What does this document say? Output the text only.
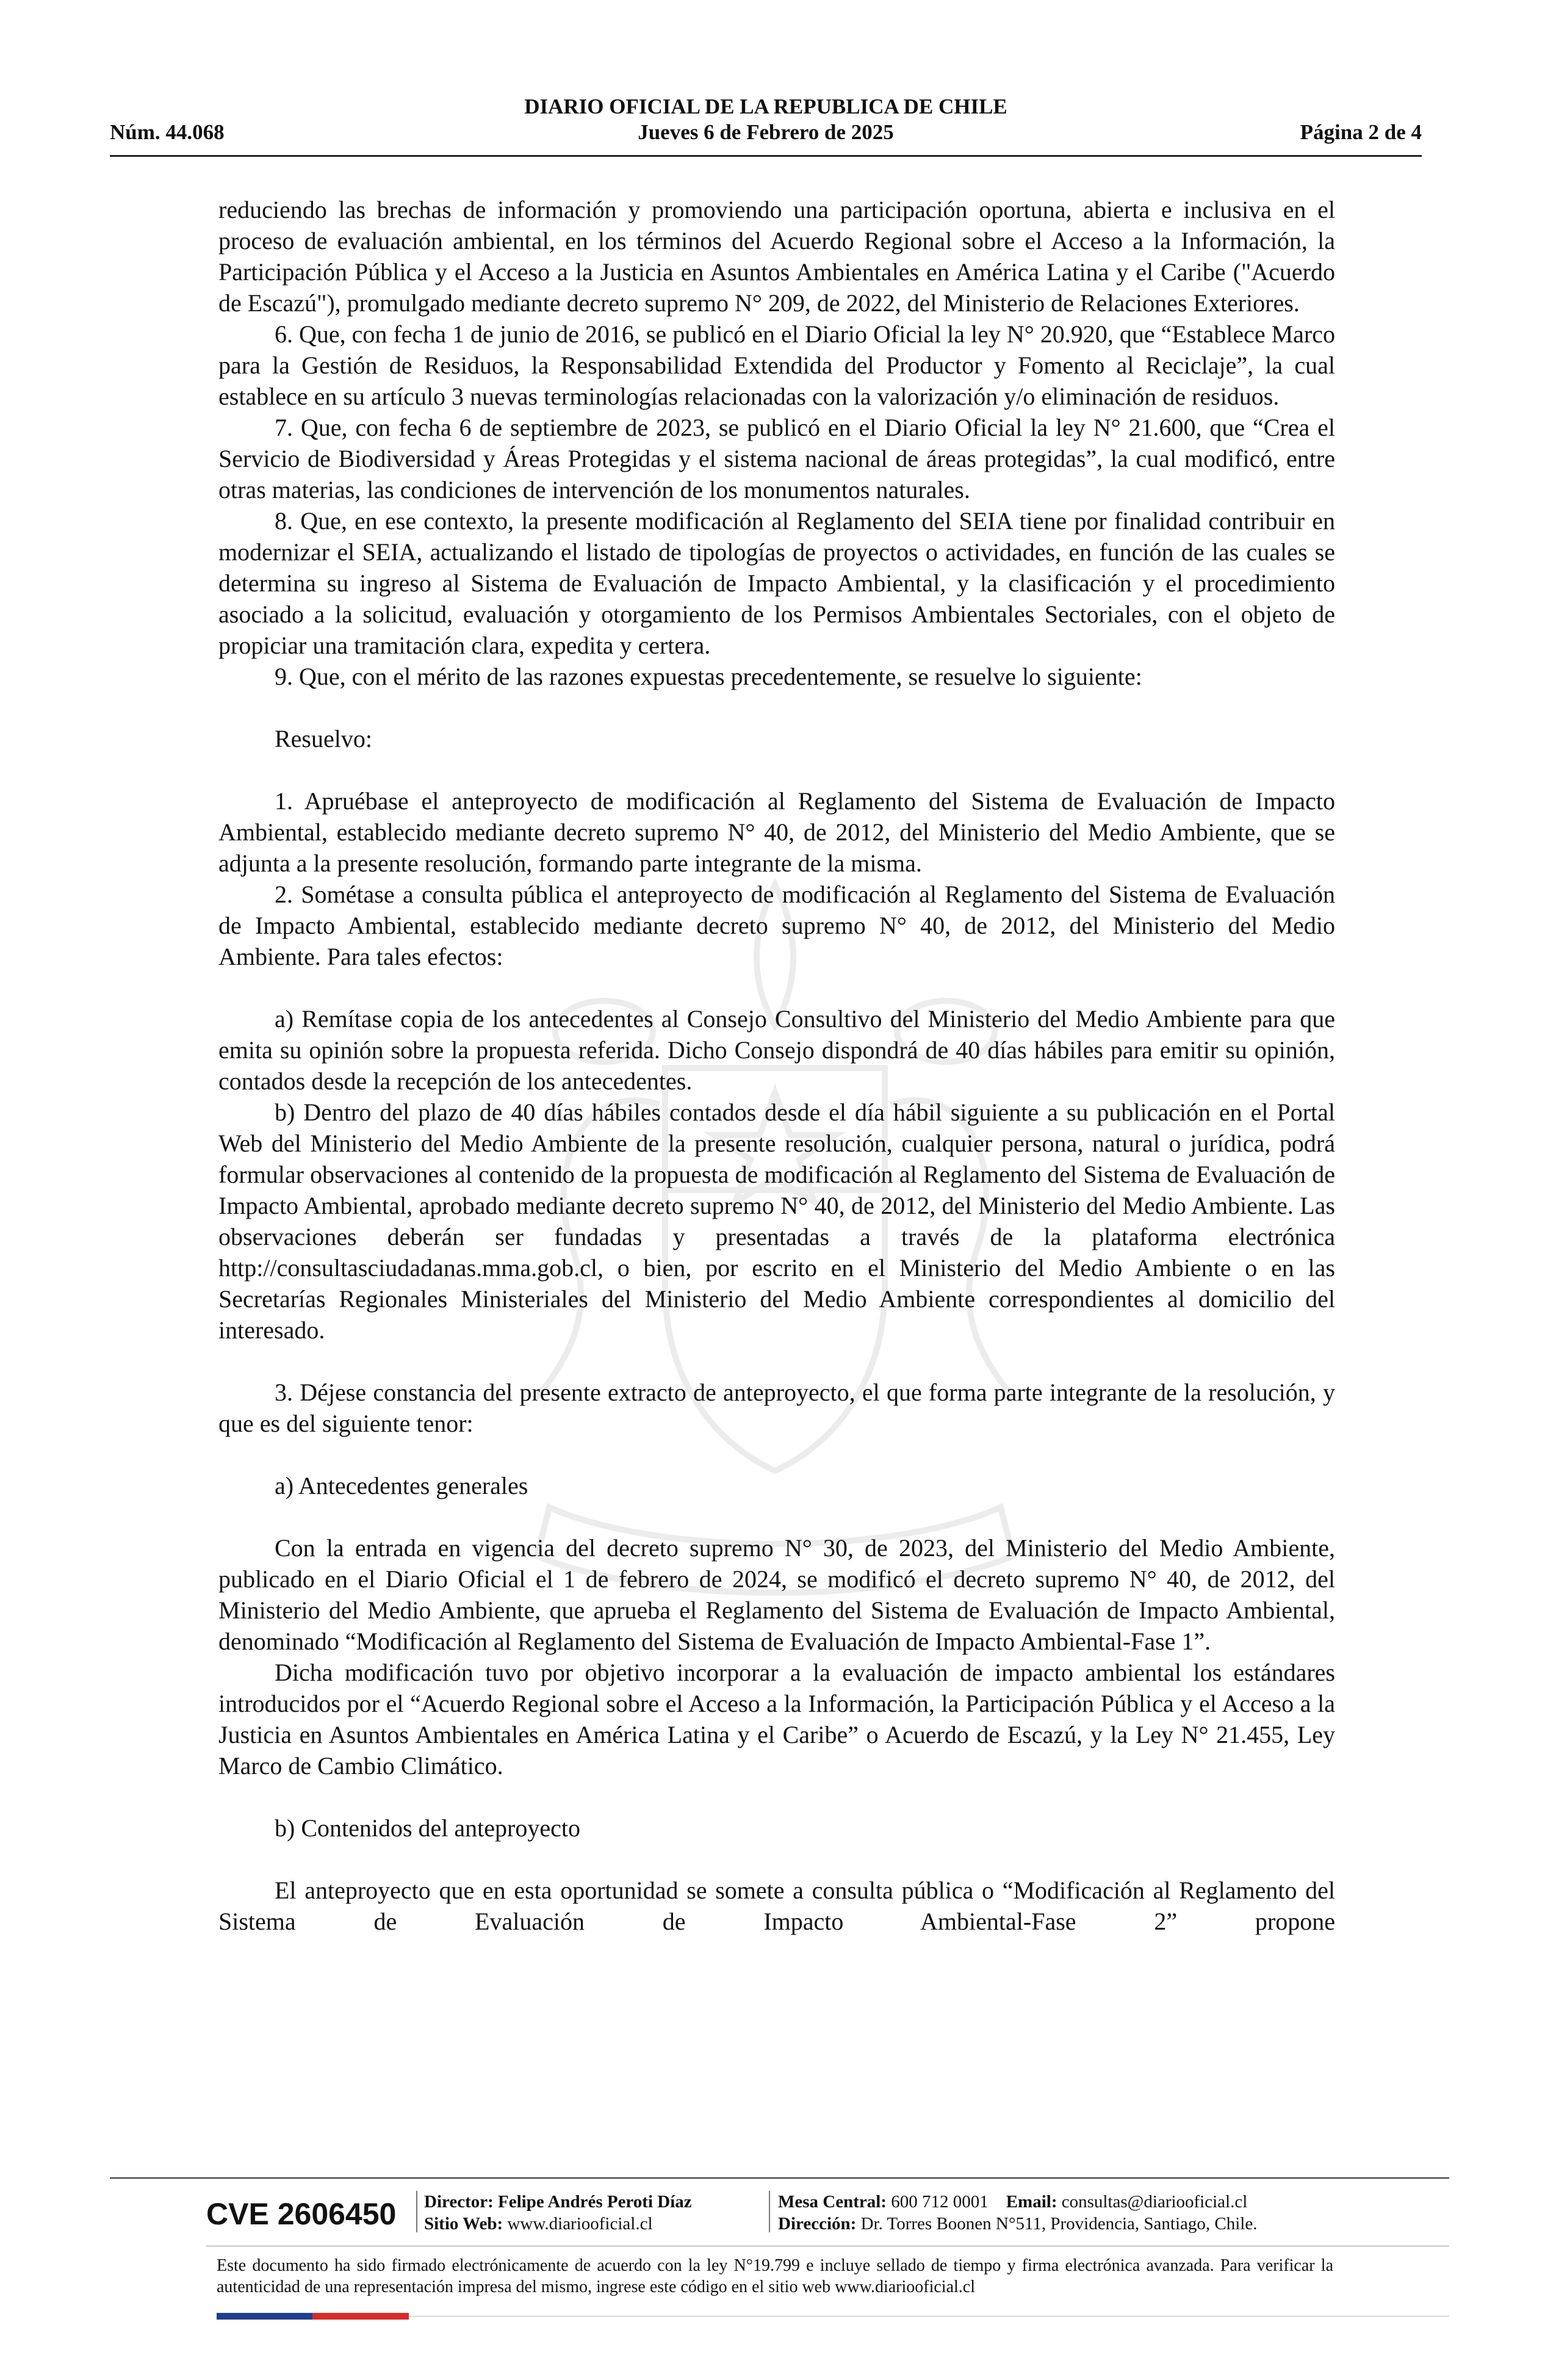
DIARIO OFICIAL DE LA REPUBLICA DE CHILE
Núm. 44.068	Jueves 6 de Febrero de 2025	Página 2 de 4

reduciendo las brechas de información y promoviendo una participación oportuna, abierta e inclusiva en el proceso de evaluación ambiental, en los términos del Acuerdo Regional sobre el Acceso a la Información, la Participación Pública y el Acceso a la Justicia en Asuntos Ambientales en América Latina y el Caribe ("Acuerdo de Escazú"), promulgado mediante decreto supremo N° 209, de 2022, del Ministerio de Relaciones Exteriores.

6. Que, con fecha 1 de junio de 2016, se publicó en el Diario Oficial la ley N° 20.920, que “Establece Marco para la Gestión de Residuos, la Responsabilidad Extendida del Productor y Fomento al Reciclaje”, la cual establece en su artículo 3 nuevas terminologías relacionadas con la valorización y/o eliminación de residuos.

7. Que, con fecha 6 de septiembre de 2023, se publicó en el Diario Oficial la ley N° 21.600, que “Crea el Servicio de Biodiversidad y Áreas Protegidas y el sistema nacional de áreas protegidas”, la cual modificó, entre otras materias, las condiciones de intervención de los monumentos naturales.

8. Que, en ese contexto, la presente modificación al Reglamento del SEIA tiene por finalidad contribuir en modernizar el SEIA, actualizando el listado de tipologías de proyectos o actividades, en función de las cuales se determina su ingreso al Sistema de Evaluación de Impacto Ambiental, y la clasificación y el procedimiento asociado a la solicitud, evaluación y otorgamiento de los Permisos Ambientales Sectoriales, con el objeto de propiciar una tramitación clara, expedita y certera.

9. Que, con el mérito de las razones expuestas precedentemente, se resuelve lo siguiente:

Resuelvo:

1. Apruébase el anteproyecto de modificación al Reglamento del Sistema de Evaluación de Impacto Ambiental, establecido mediante decreto supremo N° 40, de 2012, del Ministerio del Medio Ambiente, que se adjunta a la presente resolución, formando parte integrante de la misma.

2. Sométase a consulta pública el anteproyecto de modificación al Reglamento del Sistema de Evaluación de Impacto Ambiental, establecido mediante decreto supremo N° 40, de 2012, del Ministerio del Medio Ambiente. Para tales efectos:

a) Remítase copia de los antecedentes al Consejo Consultivo del Ministerio del Medio Ambiente para que emita su opinión sobre la propuesta referida. Dicho Consejo dispondrá de 40 días hábiles para emitir su opinión, contados desde la recepción de los antecedentes.

b) Dentro del plazo de 40 días hábiles contados desde el día hábil siguiente a su publicación en el Portal Web del Ministerio del Medio Ambiente de la presente resolución, cualquier persona, natural o jurídica, podrá formular observaciones al contenido de la propuesta de modificación al Reglamento del Sistema de Evaluación de Impacto Ambiental, aprobado mediante decreto supremo N° 40, de 2012, del Ministerio del Medio Ambiente. Las observaciones deberán ser fundadas y presentadas a través de la plataforma electrónica http://consultasciudadanas.mma.gob.cl, o bien, por escrito en el Ministerio del Medio Ambiente o en las Secretarías Regionales Ministeriales del Ministerio del Medio Ambiente correspondientes al domicilio del interesado.

3. Déjese constancia del presente extracto de anteproyecto, el que forma parte integrante de la resolución, y que es del siguiente tenor:

a) Antecedentes generales

Con la entrada en vigencia del decreto supremo N° 30, de 2023, del Ministerio del Medio Ambiente, publicado en el Diario Oficial el 1 de febrero de 2024, se modificó el decreto supremo N° 40, de 2012, del Ministerio del Medio Ambiente, que aprueba el Reglamento del Sistema de Evaluación de Impacto Ambiental, denominado “Modificación al Reglamento del Sistema de Evaluación de Impacto Ambiental-Fase 1”.

Dicha modificación tuvo por objetivo incorporar a la evaluación de impacto ambiental los estándares introducidos por el “Acuerdo Regional sobre el Acceso a la Información, la Participación Pública y el Acceso a la Justicia en Asuntos Ambientales en América Latina y el Caribe” o Acuerdo de Escazú, y la Ley N° 21.455, Ley Marco de Cambio Climático.

b) Contenidos del anteproyecto

El anteproyecto que en esta oportunidad se somete a consulta pública o “Modificación al Reglamento del Sistema de Evaluación de Impacto Ambiental-Fase 2” propone

CVE 2606450	Director: Felipe Andrés Peroti Díaz
Sitio Web: www.diariooficial.cl
Mesa Central: 600 712 0001 Email: consultas@diariooficial.cl
Dirección: Dr. Torres Boonen N°511, Providencia, Santiago, Chile.
Este documento ha sido firmado electrónicamente de acuerdo con la ley N°19.799 e incluye sellado de tiempo y firma electrónica avanzada. Para verificar la autenticidad de una representación impresa del mismo, ingrese este código en el sitio web www.diariooficial.cl
